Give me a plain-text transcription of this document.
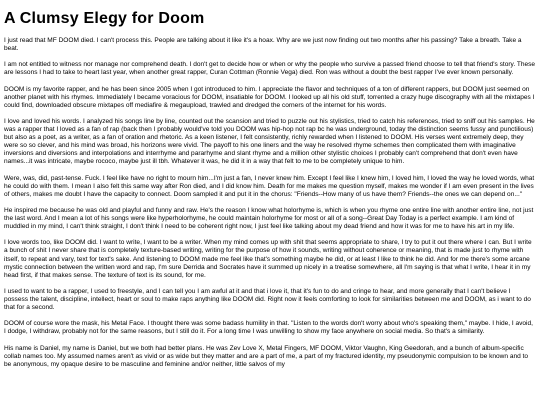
A Clumsy Elegy for Doom

I just read that MF DOOM died. I can't process this. People are talking about it like it's a hoax. Why are we just now finding out two months after his passing? Take a breath. Take a beat.

I am not entitled to witness nor manage nor comprehend death. I don't get to decide how or when or why the people who survive a passed friend choose to tell that friend's story. These are lessons I had to take to heart last year, when another great rapper, Curan Cottman (Ronnie Vega) died. Ron was without a doubt the best rapper I've ever known personally.

DOOM is my favorite rapper, and he has been since 2005 when I got introduced to him. I appreciate the flavor and techniques of a ton of different rappers, but DOOM just seemed on another planet with his rhymes. Immediately I became voracious for DOOM, insatiable for DOOM. I looked up all his old stuff, torrented a crazy huge discography with all the mixtapes I could find, downloaded obscure mixtapes off mediafire & megaupload, trawled and dredged the corners of the internet for his words.

I love and loved his words. I analyzed his songs line by line, counted out the scansion and tried to puzzle out his stylistics, tried to catch his references, tried to sniff out his samples. He was a rapper that I loved as a fan of rap (back then I probably would've told you DOOM was hip-hop not rap bc he was underground, today the distinction seems fussy and punctilious) but also as a poet, as a writer, as a fan of oration and rhetoric. As a keen listener, I felt consistently, richly rewarded when I listened to DOOM. His verses went extremely deep, they were so so clever, and his mind was broad, his horizons were vivid. The payoff to his one liners and the way he resolved rhyme schemes then complicated them with imaginative inversions and diversions and interpolations and interrhyme and pararhyme and slant rhyme and a million other stylistic choices I probably can't comprehend that don't even have names...it was intricate, maybe rococo, maybe just ill tbh. Whatever it was, he did it in a way that felt to me to be completely unique to him.

Were, was, did, past-tense. Fuck. I feel like have no right to mourn him...I'm just a fan, I never knew him. Except I feel like I knew him, I loved him, I loved the way he loved words, what he could do with them. I mean I also felt this same way after Ron died, and I did know him. Death for me makes me question myself, makes me wonder if I am even present in the lives of others, makes me doubt I have the capacity to connect. Doom sampled it and put it in the chorus: "Friends--How many of us have them? Friends--the ones we can depend on..."

He inspired me because he was old and playful and funny and raw. He's the reason I know what holorhyme is, which is when you rhyme one entire line with another entire line, not just the last word. And I mean a lot of his songs were like hyperholorhyme, he could maintain holorhyme for most or all of a song--Great Day Today is a perfect example. I am kind of muddled in my mind, I can't think straight, I don't think I need to be coherent right now, I just feel like talking about my dead friend and how it was for me to have his art in my life.

I love words too, like DOOM did. I want to write, I want to be a writer. When my mind comes up with shit that seems appropriate to share, I try to put it out there where I can. But I write a bunch of shit I never share that is completely texture-based writing, writing for the purpose of how it sounds, writing without coherence or meaning, that is made just to rhyme with itself, to repeat and vary, text for text's sake. And listening to DOOM made me feel like that's something maybe he did, or at least I like to think he did. And for me there's some arcane mystic connection between the written word and rap, I'm sure Derrida and Socrates have it summed up nicely in a treatise somewhere, all I'm saying is that what I write, I hear it in my head first, if that makes sense. The texture of text is its sound, for me.

I used to want to be a rapper, I used to freestyle, and I can tell you I am awful at it and that i love it, that it's fun to do and cringe to hear, and more generally that I can't believe I possess the talent, discipline, intellect, heart or soul to make raps anything like DOOM did. Right now it feels comforting to look for similarities between me and DOOM, as i want to do that for a second.

DOOM of course wore the mask, his Metal Face. I thought there was some badass humility in that. "Listen to the words don't worry about who's speaking them," maybe. I hide, I avoid, I dodge, I withdraw, probably not for the same reasons, but I still do it. For a long time I was unwilling to show my face anywhere on social media. So that's a similarity.

His name is Daniel, my name is Daniel, but we both had better plans. He was Zev Love X, Metal Fingers, MF DOOM, Viktor Vaughn, King Geedorah, and a bunch of album-specific collab names too. My assumed names aren't as vivid or as wide but they matter and are a part of me, a part of my fractured identity, my pseudonymic compulsion to be known and to be anonymous, my opaque desire to be masculine and feminine and/or neither, little salvos of my
